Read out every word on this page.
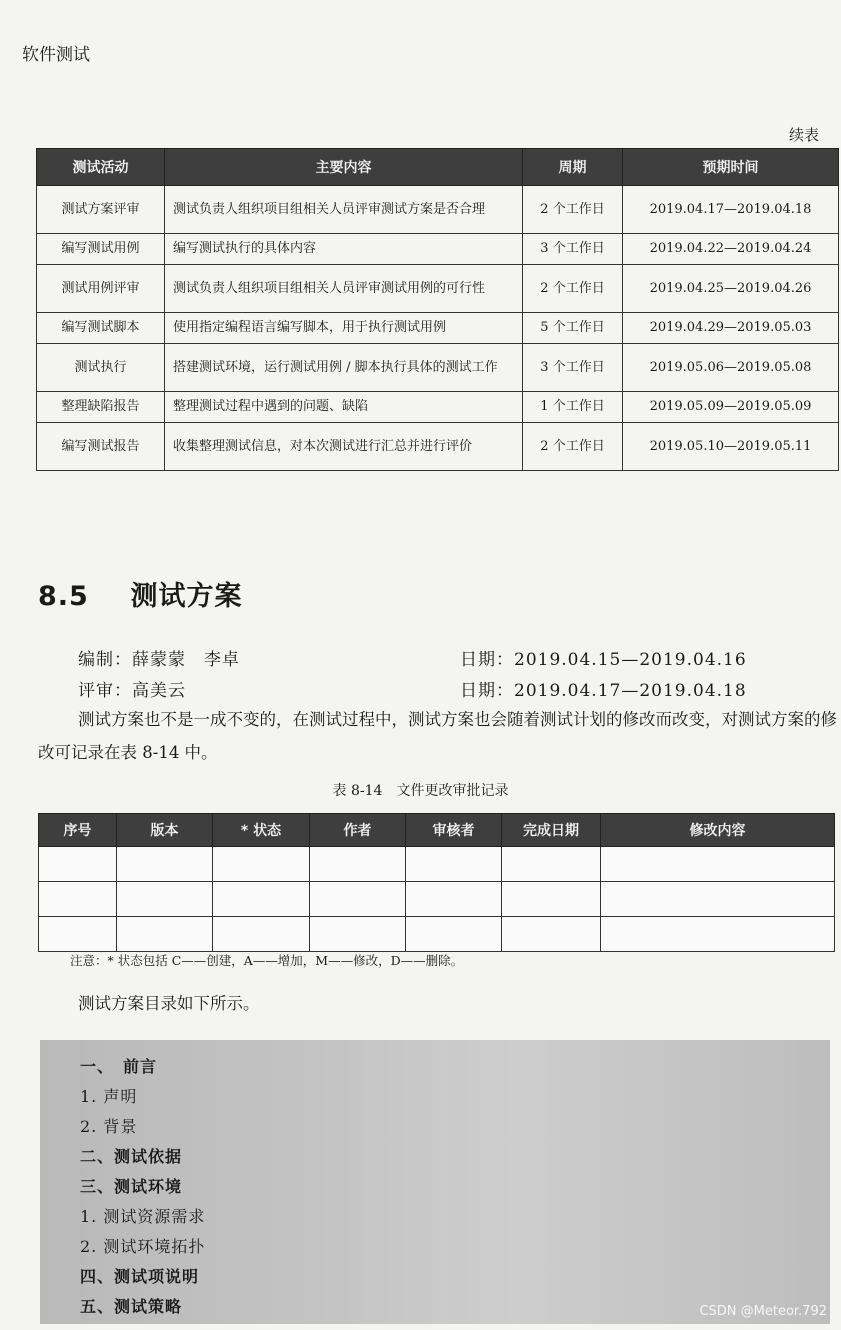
软件测试
续表
测试活动	主要内容	周期	预期时间
测试方案评审	测试负责人组织项目组相关人员评审测试方案是否合理	2 个工作日	2019.04.17—2019.04.18
编写测试用例	编写测试执行的具体内容	3 个工作日	2019.04.22—2019.04.24
测试用例评审	测试负责人组织项目组相关人员评审测试用例的可行性	2 个工作日	2019.04.25—2019.04.26
编写测试脚本	使用指定编程语言编写脚本，用于执行测试用例	5 个工作日	2019.04.29—2019.05.03
测试执行	搭建测试环境，运行测试用例 / 脚本执行具体的测试工作	3 个工作日	2019.05.06—2019.05.08
整理缺陷报告	整理测试过程中遇到的问题、缺陷	1 个工作日	2019.05.09—2019.05.09
编写测试报告	收集整理测试信息，对本次测试进行汇总并进行评价	2 个工作日	2019.05.10—2019.05.11
8.5 测试方案
编制：薛蒙蒙　李卓	日期：2019.04.15—2019.04.16
评审：高美云	日期：2019.04.17—2019.04.18
测试方案也不是一成不变的，在测试过程中，测试方案也会随着测试计划的修改而改变，对测试方案的修改可记录在表 8-14 中。
表 8-14　文件更改审批记录
序号	版本	* 状态	作者	审核者	完成日期	修改内容

注意：* 状态包括 C——创建，A——增加，M——修改，D——删除。
测试方案目录如下所示。
一、　前言
1. 声明
2. 背景
二、测试依据
三、测试环境
1. 测试资源需求
2. 测试环境拓扑
四、测试项说明
五、测试策略	CSDN @Meteor.792
